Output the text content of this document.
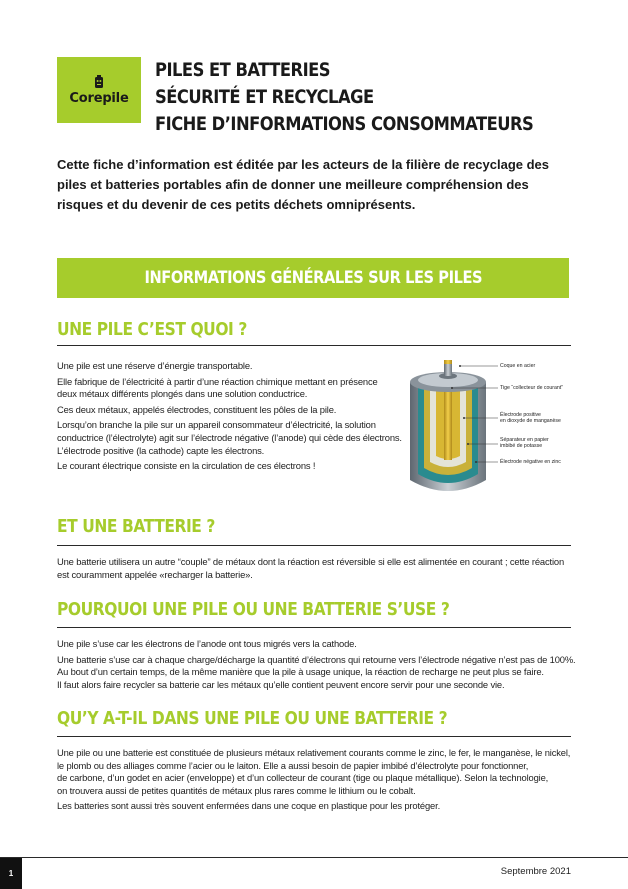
Corepile
PILES ET BATTERIES
SÉCURITÉ ET RECYCLAGE
FICHE D’INFORMATIONS CONSOMMATEURS
Cette fiche d’information est éditée par les acteurs de la filière de recyclage des piles et batteries portables afin de donner une meilleure compréhension des risques et du devenir de ces petits déchets omniprésents.
INFORMATIONS GÉNÉRALES SUR LES PILES
UNE PILE C’EST QUOI ?

Une pile est une réserve d’énergie transportable.

Elle fabrique de l’électricité à partir d’une réaction chimique mettant en présence
deux métaux différents plongés dans une solution conductrice.

Ces deux métaux, appelés électrodes, constituent les pôles de la pile.

Lorsqu’on branche la pile sur un appareil consommateur d’électricité, la solution
conductrice (l’électrolyte) agit sur l’électrode négative (l’anode) qui cède des électrons.
L’électrode positive (la cathode) capte les électrons.

Le courant électrique consiste en la circulation de ces électrons !

Coque en acier
Tige “collecteur de courant”
Électrode positive
en dioxyde de manganèse
Séparateur en papier
imbibé de potasse
Électrode négative en zinc
ET UNE BATTERIE ?

Une batterie utilisera un autre “couple” de métaux dont la réaction est réversible si elle est alimentée en courant ; cette réaction
est couramment appelée «recharger la batterie».

POURQUOI UNE PILE OU UNE BATTERIE S’USE ?

Une pile s’use car les électrons de l’anode ont tous migrés vers la cathode.

Une batterie s’use car à chaque charge/décharge la quantité d’électrons qui retourne vers l’électrode négative n’est pas de 100%.
Au bout d’un certain temps, de la même manière que la pile à usage unique, la réaction de recharge ne peut plus se faire.
Il faut alors faire recycler sa batterie car les métaux qu’elle contient peuvent encore servir pour une seconde vie.

QU’Y A-T-IL DANS UNE PILE OU UNE BATTERIE ?

Une pile ou une batterie est constituée de plusieurs métaux relativement courants comme le zinc, le fer, le manganèse, le nickel,
le plomb ou des alliages comme l’acier ou le laiton. Elle a aussi besoin de papier imbibé d’électrolyte pour fonctionner,
de carbone, d’un godet en acier (enveloppe) et d’un collecteur de courant (tige ou plaque métallique). Selon la technologie,
on trouvera aussi de petites quantités de métaux plus rares comme le lithium ou le cobalt.

Les batteries sont aussi très souvent enfermées dans une coque en plastique pour les protéger.

1	Septembre 2021
